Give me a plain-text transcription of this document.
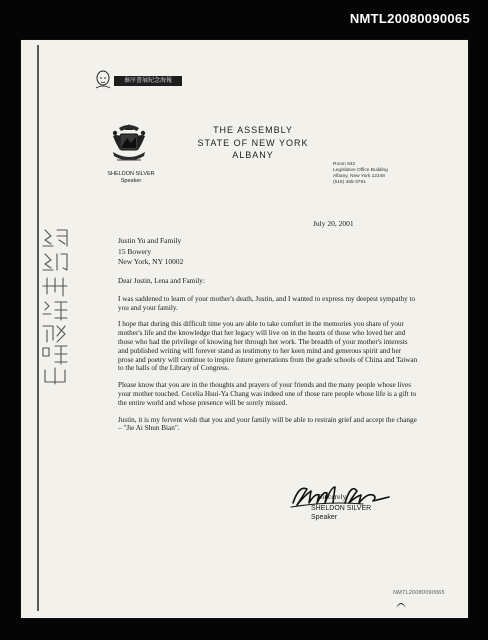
NMTL20080090065
秦序書展紀念海報
SHELDON SILVER
Speaker
THE ASSEMBLY
STATE OF NEW YORK
ALBANY
Room 932
Legislative Office Building
Albany, New York 12248
(518) 455-3791
July 20, 2001
Justin Yu and Family
15 Bowery
New York, NY 10002

Dear Justin, Lena and Family:

I was saddened to learn of your mother's death, Justin, and I wanted to express my deepest sympathy to you and your family.

I hope that during this difficult time you are able to take comfort in the memories you share of your mother's life and the knowledge that her legacy will live on in the hearts of those who loved her and those who had the privilege of knowing her through her work. The breadth of your mother's interests and published writing will forever stand as testimony to her keen mind and generous spirit and her prose and poetry will continue to inspire future generations from the grade schools of China and Taiwan to the halls of the Library of Congress.

Please know that you are in the thoughts and prayers of your friends and the many people whose lives your mother touched. Cecelia Hsui-Ya Chang was indeed one of those rare people whose life is a gift to the entire world and whose presence will be sorely missed.

Justin, it is my fervent wish that you and your family will be able to restrain grief and accept the change – "Jie Ai Shun Bian".

Sincerely,
SHELDON SILVER
Speaker
NMTL20080090065
